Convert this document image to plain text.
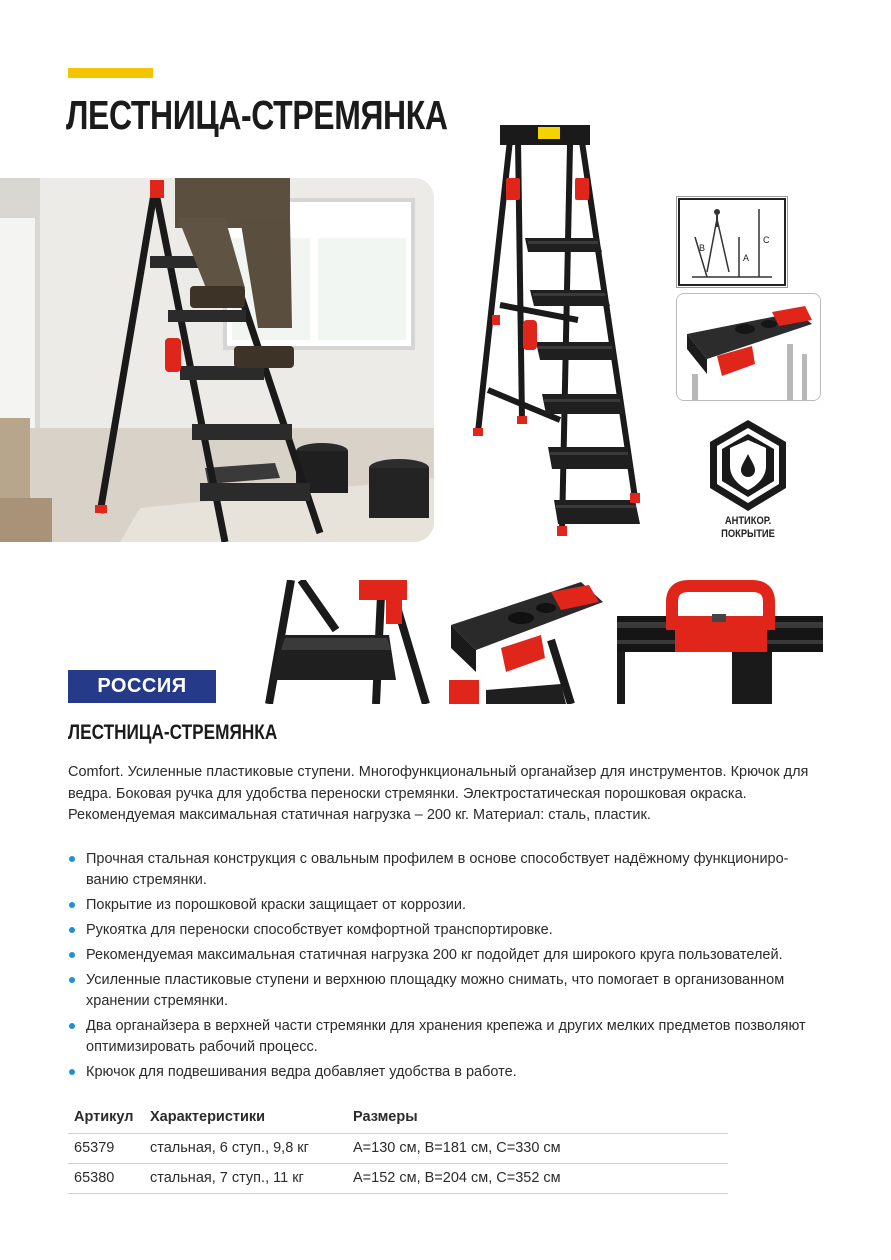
ЛЕСТНИЦА-СТРЕМЯНКА
C
A
B
АНТИКОР.
ПОКРЫТИЕ
РОССИЯ
ЛЕСТНИЦА-СТРЕМЯНКА
Comfort. Усиленные пластиковые ступени. Многофункциональный органайзер для инструментов. Крючок для ведра. Боковая ручка для удобства переноски стремянки. Электростатическая порошковая окраска. Рекомендуемая максимальная статичная нагрузка – 200 кг. Материал: сталь, пластик.
Прочная стальная конструкция с овальным профилем в основе способствует надёжному функциониро-ванию стремянки.
Покрытие из порошковой краски защищает от коррозии.
Рукоятка для переноски способствует комфортной транспортировке.
Рекомендуемая максимальная статичная нагрузка 200 кг подойдет для широкого круга пользователей.
Усиленные пластиковые ступени и верхнюю площадку можно снимать, что помогает в организованном хранении стремянки.
Два органайзера в верхней части стремянки для хранения крепежа и других мелких предметов позволяют оптимизировать рабочий процесс.
Крючок для подвешивания ведра добавляет удобства в работе.
Артикул	Характеристики	Размеры
65379	стальная, 6 ступ., 9,8 кг	A=130 см, B=181 см, C=330 см
65380	стальная, 7 ступ., 11 кг	A=152 см, B=204 см, C=352 см
